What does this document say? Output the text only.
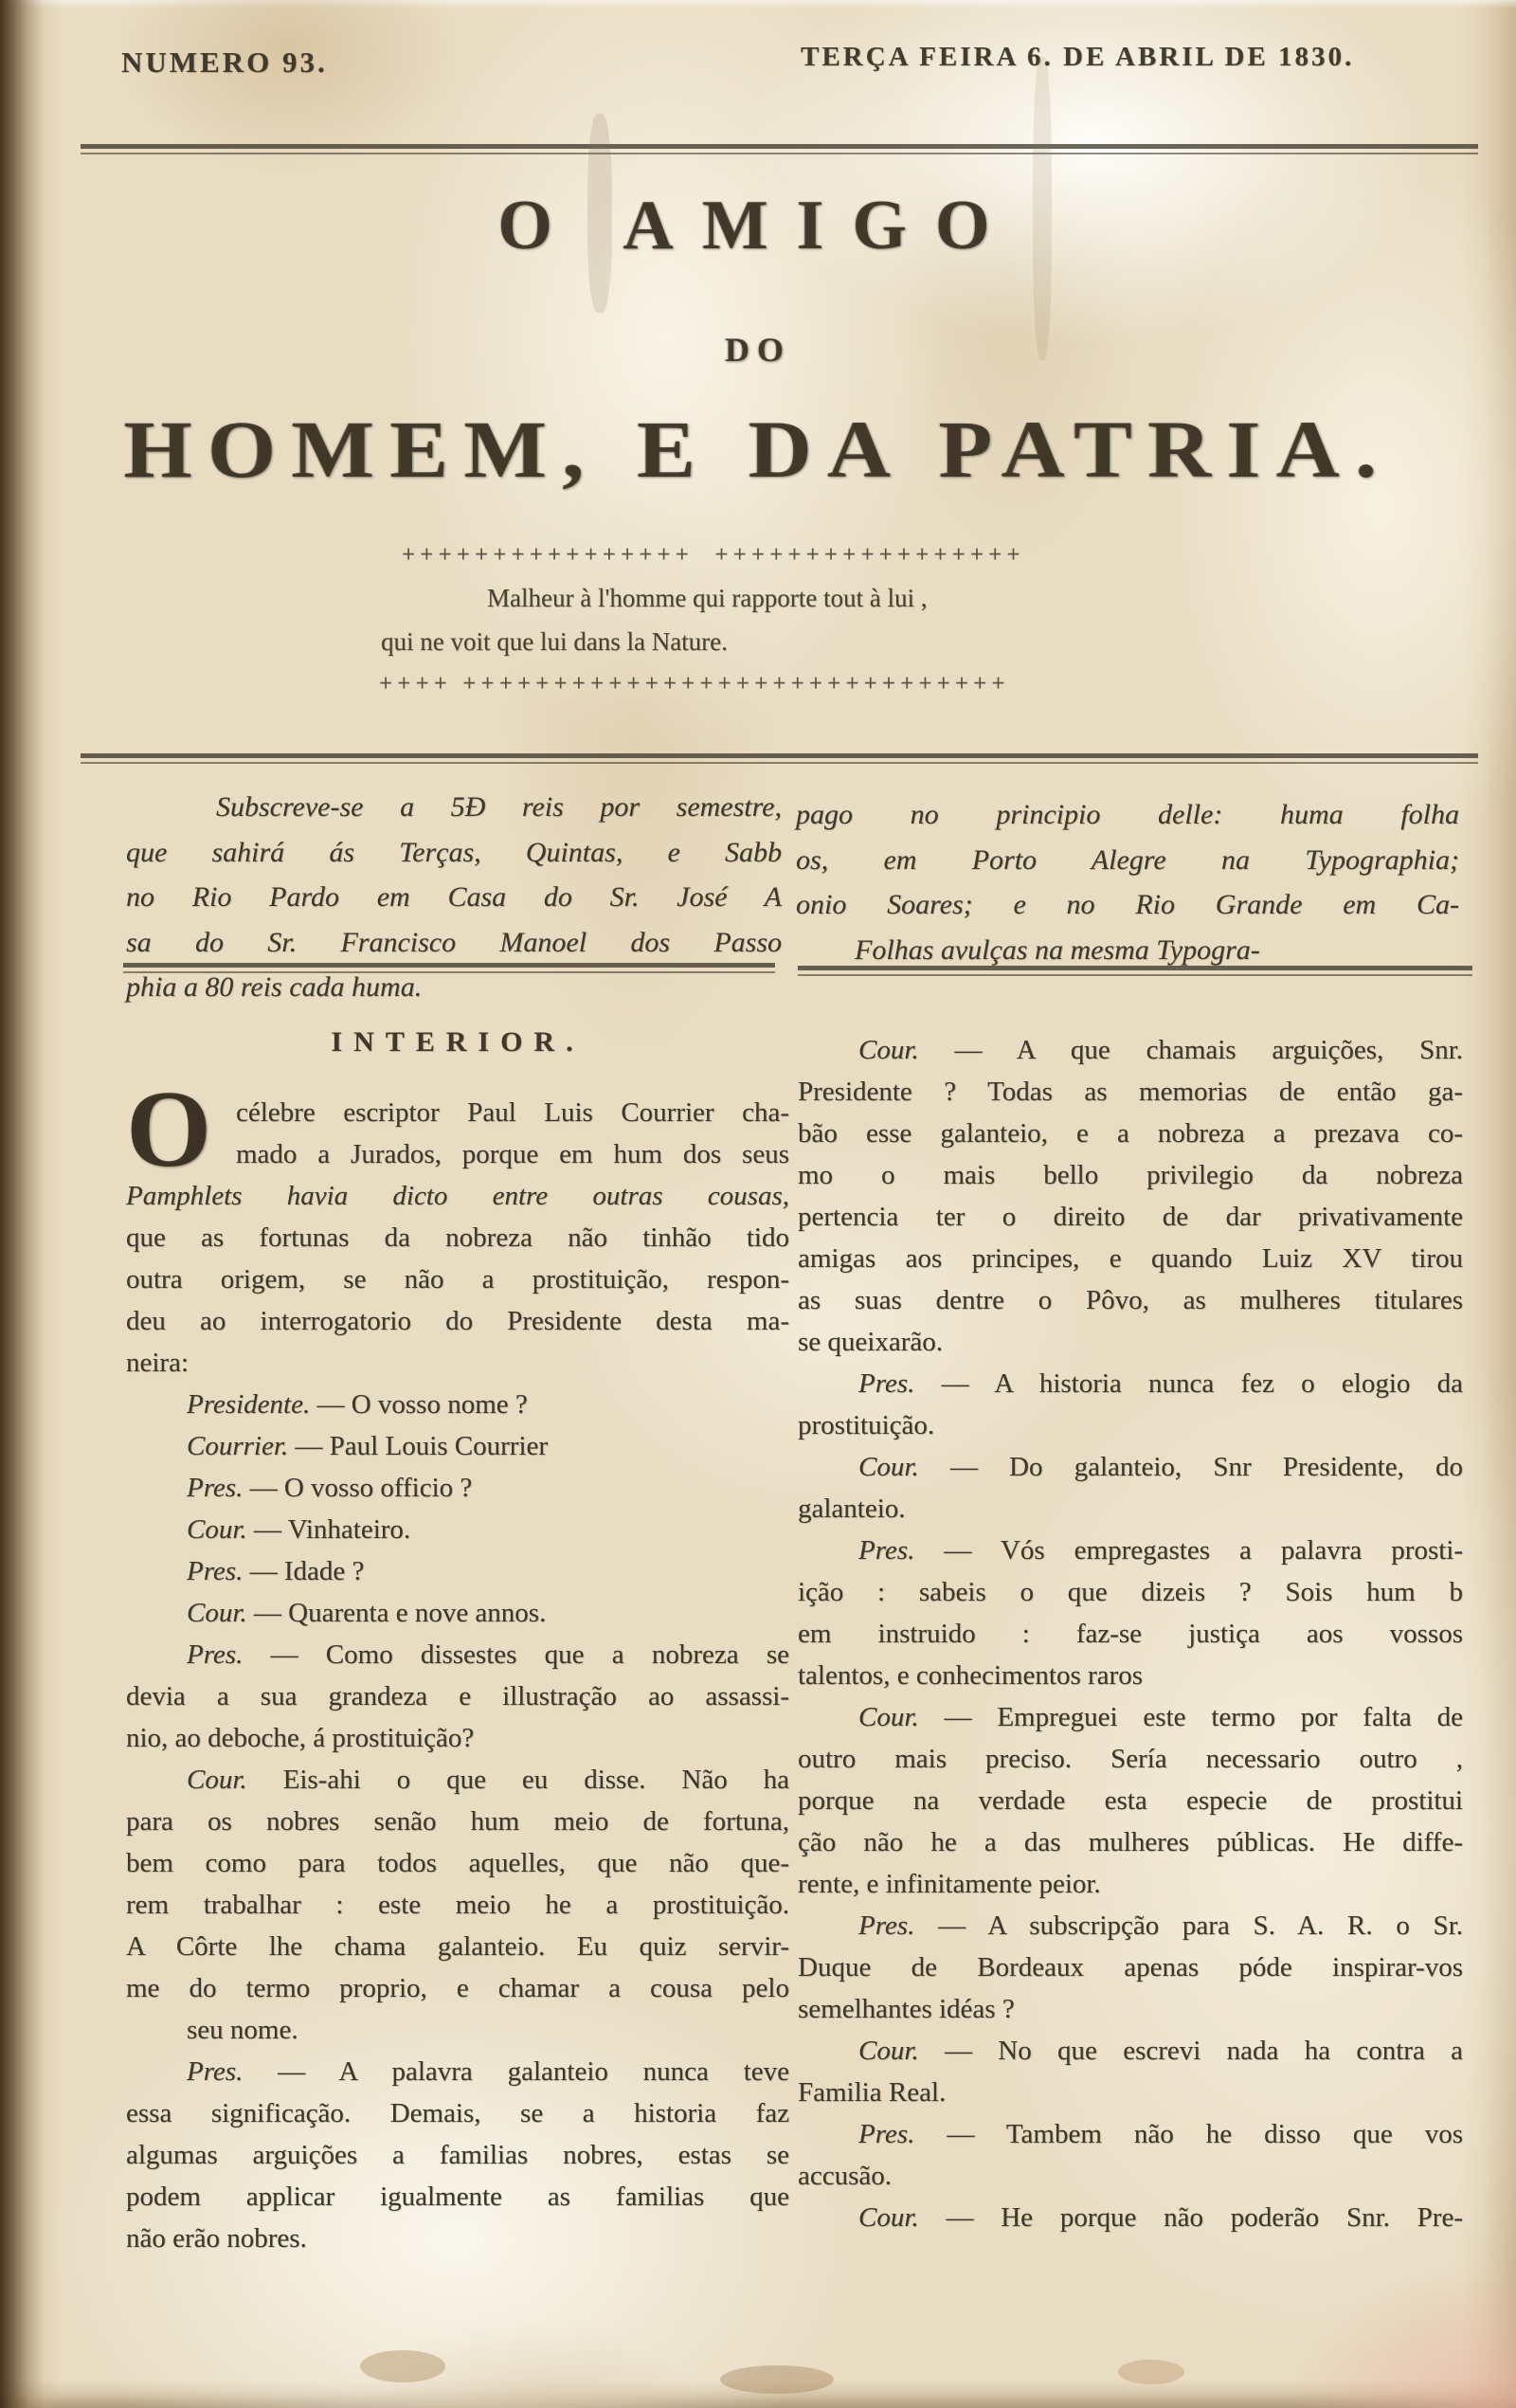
NUMERO 93.	TERÇA FEIRA 6. DE ABRIL DE 1830.
O AMIGO
DO
HOMEM, E DA PATRIA.
++++++++++++++++  +++++++++++++++++
Malheur à l'homme qui rapporte tout à lui ,
qui ne voit que lui dans la Nature.
++++ ++++++++++++++++++++++++++++++
Subscreve-se a 5Ð reis por semestre,
que sahirá ás Terças, Quintas, e Sabb
no Rio Pardo em Casa do Sr. José A
sa do Sr. Francisco Manoel dos Passo
phia a 80 reis cada huma.
pago no principio delle: huma folha
os, em Porto Alegre na Typographia;
onio Soares; e no Rio Grande em Ca-
Folhas avulças na mesma Typogra-
INTERIOR.
O célebre escriptor Paul Luis Courrier cha-
mado a Jurados, porque em hum dos seus
Pamphlets havia dicto entre outras cousas,
que as fortunas da nobreza não tinhão tido
outra origem, se não a prostituição, respon-
deu ao interrogatorio do Presidente desta ma-
neira:
Presidente. — O vosso nome ?
Courrier. — Paul Louis Courrier
Pres. — O vosso officio ?
Cour. — Vinhateiro.
Pres. — Idade ?
Cour. — Quarenta e nove annos.
Pres. — Como dissestes que a nobreza se
devia a sua grandeza e illustração ao assassi-
nio, ao deboche, á prostituição?
Cour. Eis-ahi o que eu disse. Não ha
para os nobres senão hum meio de fortuna,
bem como para todos aquelles, que não que-
rem trabalhar : este meio he a prostituição.
A Côrte lhe chama galanteio. Eu quiz servir-
me do termo proprio, e chamar a cousa pelo
seu nome.
Pres. — A palavra galanteio nunca teve
essa significação. Demais, se a historia faz
algumas arguições a familias nobres, estas se
podem applicar igualmente as familias que
não erão nobres.
Cour. — A que chamais arguições, Snr.
Presidente ? Todas as memorias de então ga-
bão esse galanteio, e a nobreza a prezava co-
mo o mais bello privilegio da nobreza
pertencia ter o direito de dar privativamente
amigas aos principes, e quando Luiz XV tirou
as suas dentre o Pôvo, as mulheres titulares
se queixarão.
Pres. — A historia nunca fez o elogio da
prostituição.
Cour. — Do galanteio, Snr Presidente, do
galanteio.
Pres. — Vós empregastes a palavra prosti-
ição : sabeis o que dizeis ? Sois hum b
em instruido : faz-se justiça aos vossos
talentos, e conhecimentos raros
Cour. — Empreguei este termo por falta de
outro mais preciso. Sería necessario outro ,
porque na verdade esta especie de prostitui
ção não he a das mulheres públicas. He diffe-
rente, e infinitamente peior.
Pres. — A subscripção para S. A. R. o Sr.
Duque de Bordeaux apenas póde inspirar-vos
semelhantes idéas ?
Cour. — No que escrevi nada ha contra a
Familia Real.
Pres. — Tambem não he disso que vos
accusão.
Cour. — He porque não poderão Snr. Pre-
